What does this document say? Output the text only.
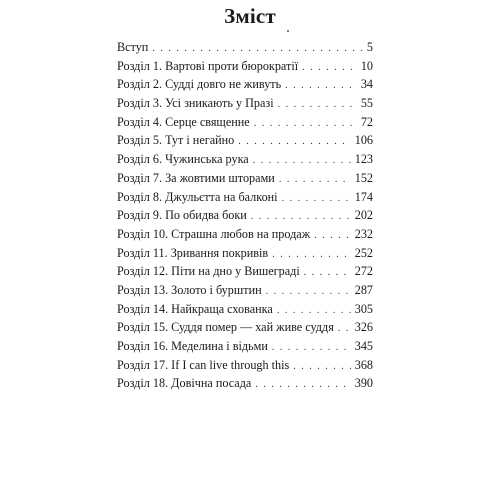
Зміст
Вступ . . .	5
Розділ 1. Вартові проти бюрократії . . .	10
Розділ 2. Судді довго не живуть . . .	34
Розділ 3. Усі зникають у Празі . . .	55
Розділ 4. Серце священне . . .	72
Розділ 5. Тут і негайно . . .	106
Розділ 6. Чужинська рука . . .	123
Розділ 7. За жовтими шторами . . .	152
Розділ 8. Джульєтта на балконі . . .	174
Розділ 9. По обидва боки . . .	202
Розділ 10. Страшна любов на продаж . . .	232
Розділ 11. Зривання покривів . . .	252
Розділ 12. Піти на дно у Вишеграді . . .	272
Розділ 13. Золото і бурштин . . .	287
Розділ 14. Найкраща схованка . . .	305
Розділ 15. Суддя помер — хай живе суддя . . . 326
Розділ 16. Меделина і відьми . . .	345
Розділ 17. If I can live through this . . .	368
Розділ 18. Довічна посада . . .	390
